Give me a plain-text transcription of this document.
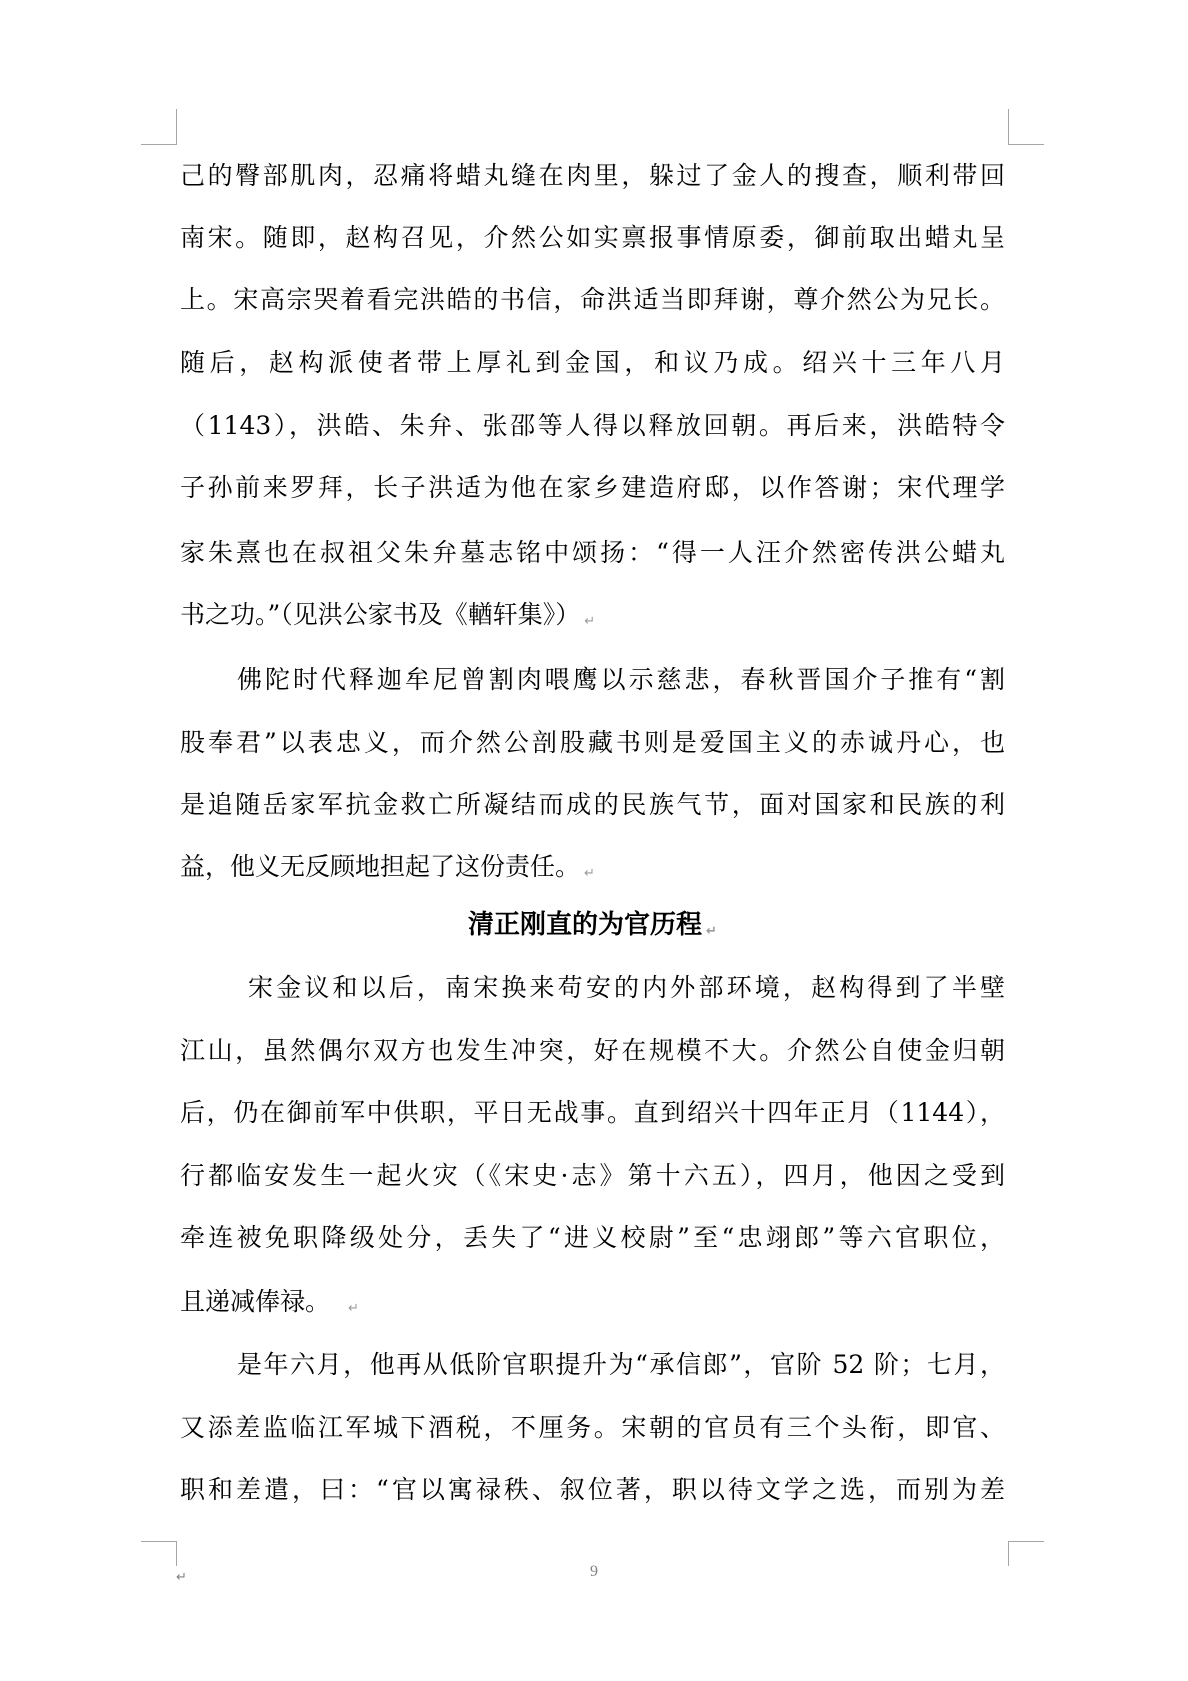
己的臀部肌肉，忍痛将蜡丸缝在肉里，躲过了金人的搜查，顺利带回
南宋。随即，赵构召见，介然公如实禀报事情原委，御前取出蜡丸呈
上。宋高宗哭着看完洪皓的书信，命洪适当即拜谢，尊介然公为兄长。
随后，赵构派使者带上厚礼到金国，和议乃成。绍兴十三年八月
（1143），洪皓、朱弁、张邵等人得以释放回朝。再后来，洪皓特令
子孙前来罗拜，长子洪适为他在家乡建造府邸，以作答谢；宋代理学
家朱熹也在叔祖父朱弁墓志铭中颂扬：“得一人汪介然密传洪公蜡丸
书之功。”（见洪公家书及《輶轩集》） ↵
佛陀时代释迦牟尼曾割肉喂鹰以示慈悲，春秋晋国介子推有“割
股奉君”以表忠义，而介然公剖股藏书则是爱国主义的赤诚丹心，也
是追随岳家军抗金救亡所凝结而成的民族气节，面对国家和民族的利
益，他义无反顾地担起了这份责任。 ↵
宋金议和以后，南宋换来苟安的内外部环境，赵构得到了半壁
江山，虽然偶尔双方也发生冲突，好在规模不大。介然公自使金归朝
后，仍在御前军中供职，平日无战事。直到绍兴十四年正月（1144），
行都临安发生一起火灾（《宋史·志》第十六五），四月，他因之受到
牵连被免职降级处分，丢失了“进义校尉”至“忠翊郎”等六官职位，
且递减俸禄。 ↵
是年六月，他再从低阶官职提升为“承信郎”，官阶 52 阶；七月，
又添差监临江军城下酒税，不厘务。宋朝的官员有三个头衔，即官、
职和差遣，曰：“官以寓禄秩、叙位著，职以待文学之选，而别为差
清正刚直的为官历程 ↵
↵	9
